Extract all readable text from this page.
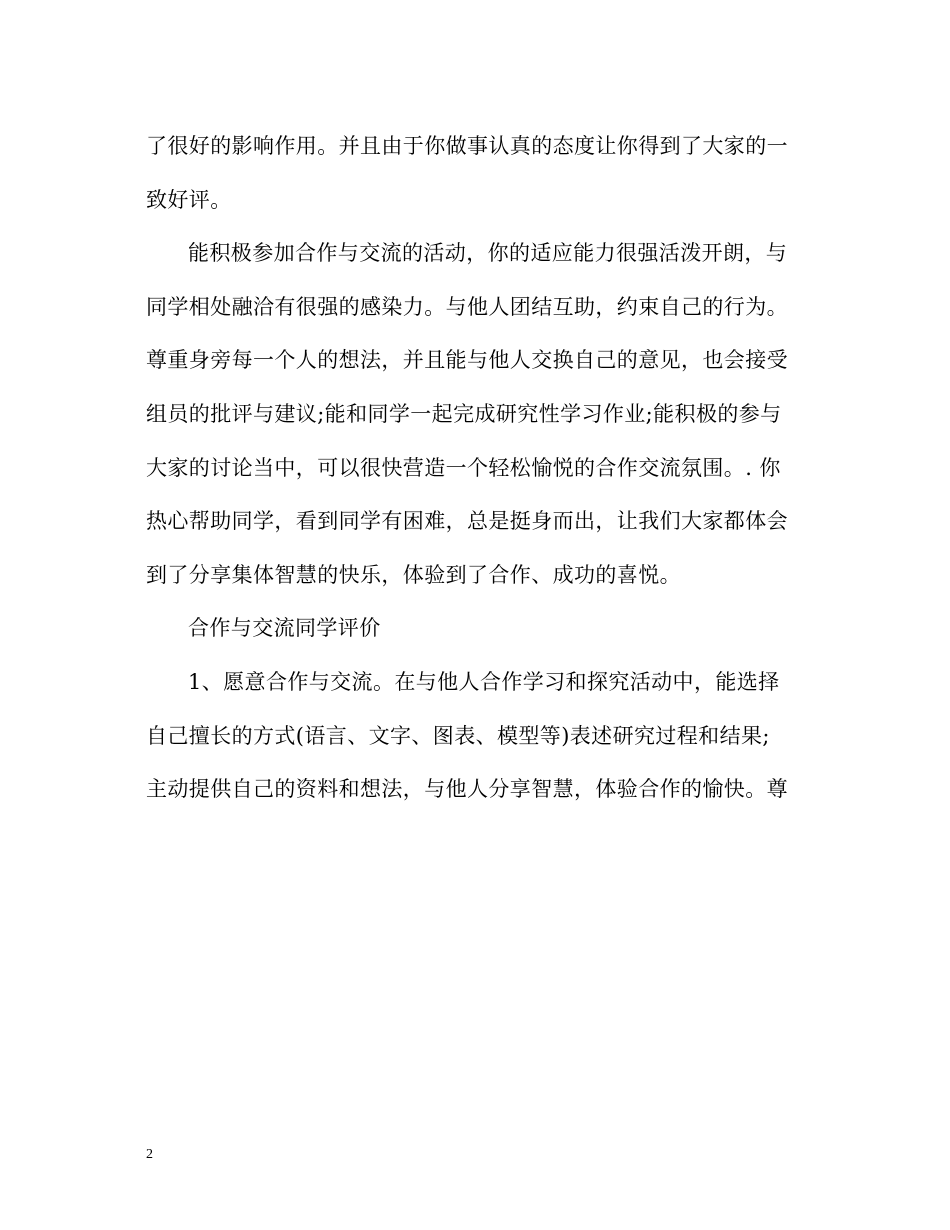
了很好的影响作用。并且由于你做事认真的态度让你得到了大家的一
致好评。
能积极参加合作与交流的活动，你的适应能力很强活泼开朗，与
同学相处融洽有很强的感染力。与他人团结互助，约束自己的行为。
尊重身旁每一个人的想法，并且能与他人交换自己的意见，也会接受
组员的批评与建议;能和同学一起完成研究性学习作业;能积极的参与
大家的讨论当中，可以很快营造一个轻松愉悦的合作交流氛围。. 你
热心帮助同学，看到同学有困难，总是挺身而出，让我们大家都体会
到了分享集体智慧的快乐，体验到了合作、成功的喜悦。
合作与交流同学评价
1、愿意合作与交流。在与他人合作学习和探究活动中，能选择
自己擅长的方式(语言、文字、图表、模型等)表述研究过程和结果;
主动提供自己的资料和想法，与他人分享智慧，体验合作的愉快。尊
2
